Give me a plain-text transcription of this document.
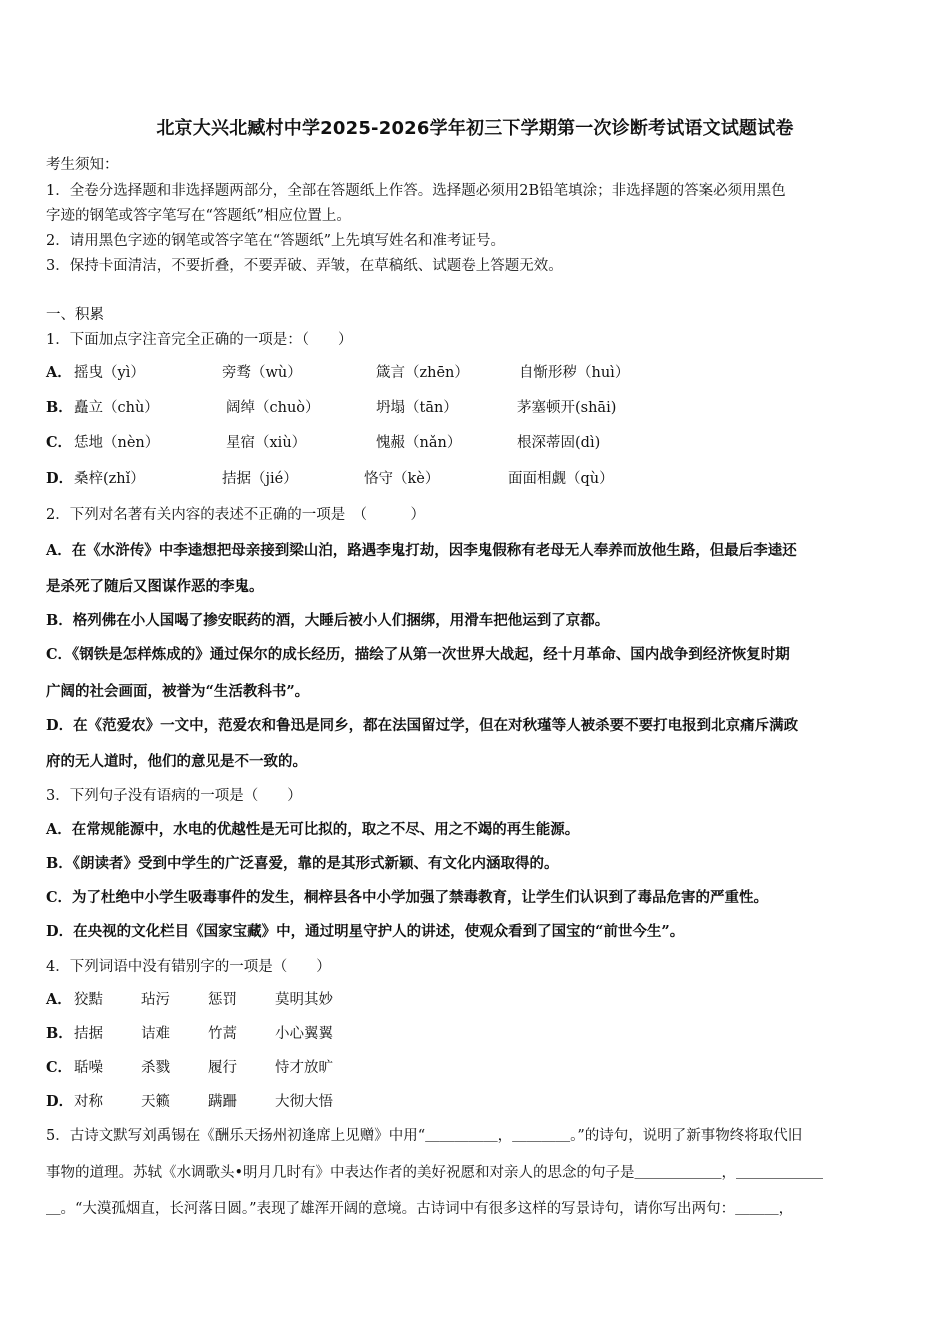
北京大兴北臧村中学2025-2026学年初三下学期第一次诊断考试语文试题试卷
考生须知：
1．全卷分选择题和非选择题两部分，全部在答题纸上作答。选择题必须用2B铅笔填涂；非选择题的答案必须用黑色
字迹的钢笔或答字笔写在“答题纸”相应位置上。
2．请用黑色字迹的钢笔或答字笔在“答题纸”上先填写姓名和准考证号。
3．保持卡面清洁，不要折叠，不要弄破、弄皱，在草稿纸、试题卷上答题无效。
一、积累
1．下面加点字注音完全正确的一项是：（　　）
A． 摇曳（yì）	旁骛（wù）	箴言（zhēn）	自惭形秽（huì）
B． 矗立（chù）	阔绰（chuò）	坍塌（tān）	茅塞顿开(shāi)
C． 恁地（nèn）	星宿（xiù）	愧赧（nǎn）	根深蒂固(dì)
D． 桑梓(zhǐ）	拮据（jié）	恪守（kè）	面面相觑（qù）
2．下列对名著有关内容的表述不正确的一项是　（　　　）
A．在《水浒传》中李逵想把母亲接到梁山泊，路遇李鬼打劫，因李鬼假称有老母无人奉养而放他生路，但最后李逵还
是杀死了随后又图谋作恶的李鬼。
B．格列佛在小人国喝了掺安眠药的酒，大睡后被小人们捆绑，用滑车把他运到了京都。
C．《钢铁是怎样炼成的》通过保尔的成长经历，描绘了从第一次世界大战起，经十月革命、国内战争到经济恢复时期
广阔的社会画面，被誉为“生活教科书”。
D．在《范爱农》一文中，范爱农和鲁迅是同乡，都在法国留过学，但在对秋瑾等人被杀要不要打电报到北京痛斥满政
府的无人道时，他们的意见是不一致的。
3．下列句子没有语病的一项是（　　）
A．在常规能源中，水电的优越性是无可比拟的，取之不尽、用之不竭的再生能源。
B．《朗读者》受到中学生的广泛喜爱，靠的是其形式新颖、有文化内涵取得的。
C．为了杜绝中小学生吸毒事件的发生，桐梓县各中小学加强了禁毒教育，让学生们认识到了毒品危害的严重性。
D．在央视的文化栏目《国家宝藏》中，通过明星守护人的讲述，使观众看到了国宝的“前世今生”。
4．下列词语中没有错别字的一项是（　　）
A． 狡黠	玷污	惩罚	莫明其妙
B． 拮据	诘难	竹蒿	小心翼翼
C． 聒噪	杀戮	履行	恃才放旷
D． 对称	天籁	蹒跚	大彻大悟
5．古诗文默写刘禹锡在《酬乐天扬州初逢席上见赠》中用“＿＿＿＿＿，＿＿＿＿。”的诗句，说明了新事物终将取代旧
事物的道理。苏轼《水调歌头•明月几时有》中表达作者的美好祝愿和对亲人的思念的句子是＿＿＿＿＿＿，＿＿＿＿＿＿
＿。“大漠孤烟直，长河落日圆。”表现了雄浑开阔的意境。古诗词中有很多这样的写景诗句，请你写出两句：＿＿＿，
